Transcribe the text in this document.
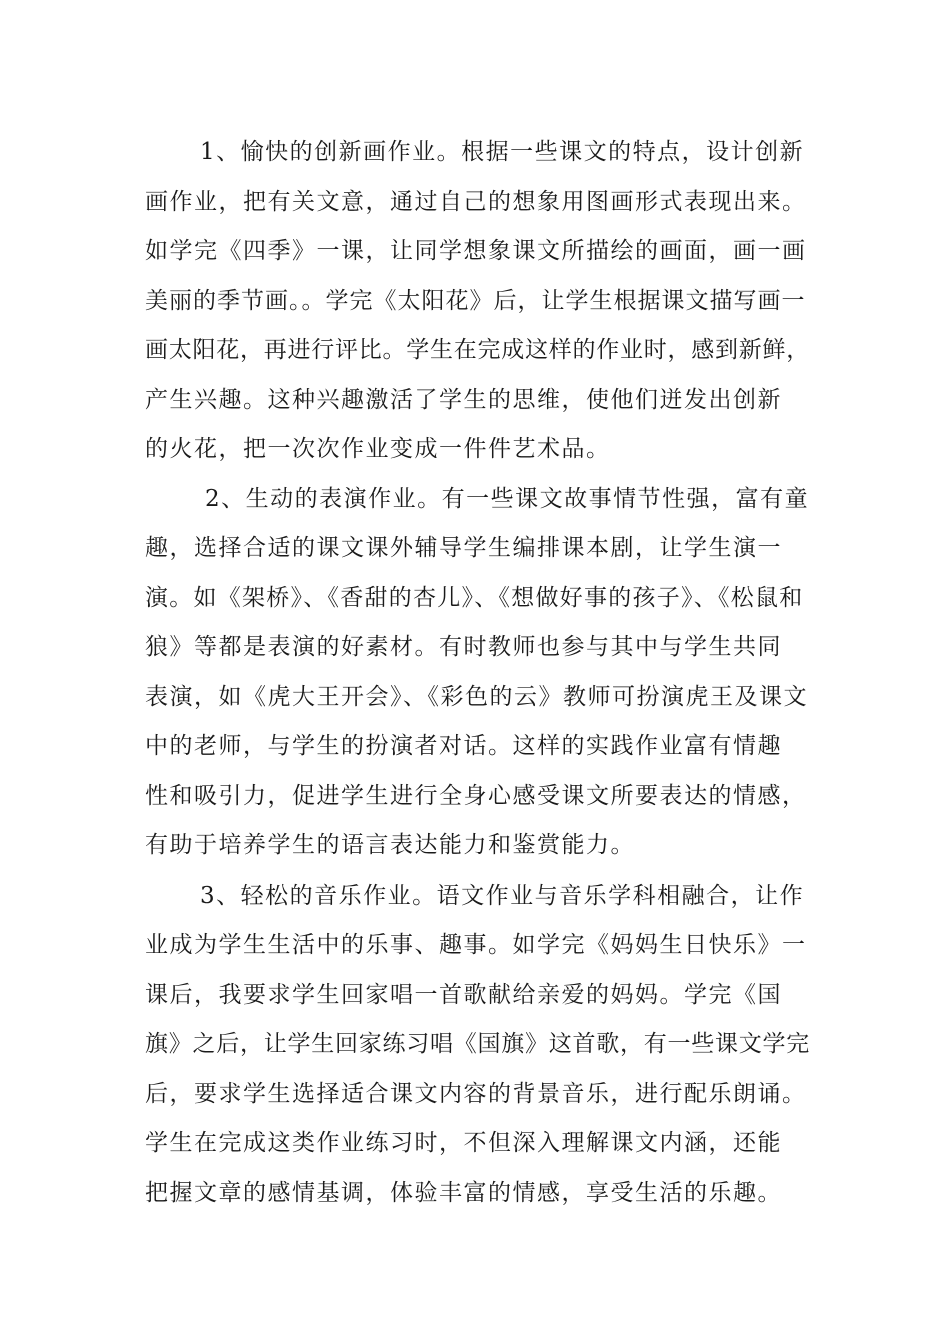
1、愉快的创新画作业。根据一些课文的特点，设计创新

画作业，把有关文意，通过自己的想象用图画形式表现出来。

如学完《四季》一课，让同学想象课文所描绘的画面，画一画

美丽的季节画。。学完《太阳花》后，让学生根据课文描写画一

画太阳花，再进行评比。学生在完成这样的作业时，感到新鲜，

产生兴趣。这种兴趣激活了学生的思维，使他们迸发出创新

的火花，把一次次作业变成一件件艺术品。

2、生动的表演作业。有一些课文故事情节性强，富有童

趣，选择合适的课文课外辅导学生编排课本剧，让学生演一

演。如《架桥》、《香甜的杏儿》、《想做好事的孩子》、《松鼠和

狼》等都是表演的好素材。有时教师也参与其中与学生共同

表演，如《虎大王开会》、《彩色的云》教师可扮演虎王及课文

中的老师，与学生的扮演者对话。这样的实践作业富有情趣

性和吸引力，促进学生进行全身心感受课文所要表达的情感，

有助于培养学生的语言表达能力和鉴赏能力。

3、轻松的音乐作业。语文作业与音乐学科相融合，让作

业成为学生生活中的乐事、趣事。如学完《妈妈生日快乐》一

课后，我要求学生回家唱一首歌献给亲爱的妈妈。学完《国

旗》之后，让学生回家练习唱《国旗》这首歌，有一些课文学完

后，要求学生选择适合课文内容的背景音乐，进行配乐朗诵。

学生在完成这类作业练习时，不但深入理解课文内涵，还能

把握文章的感情基调，体验丰富的情感，享受生活的乐趣。
